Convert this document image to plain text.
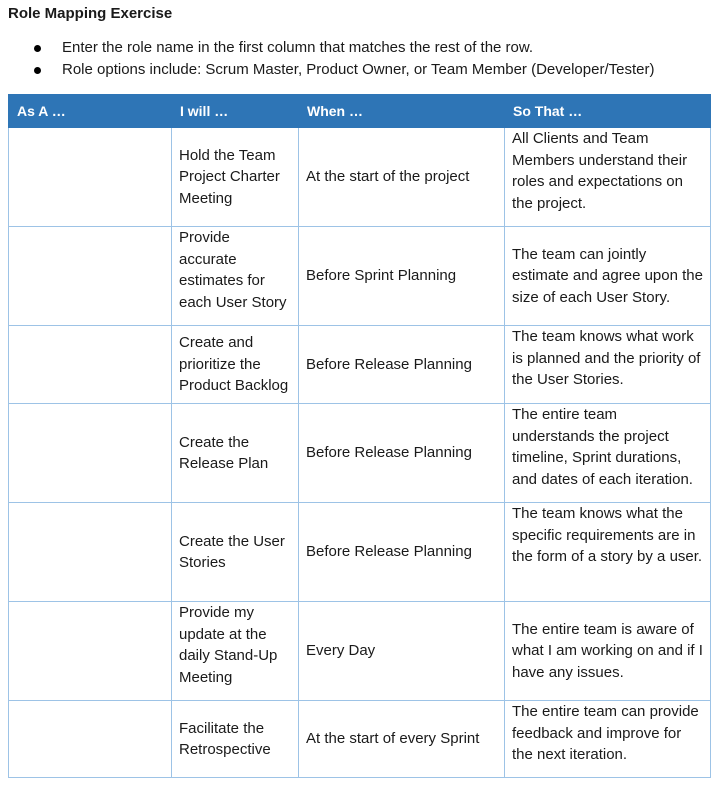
Role Mapping Exercise
Enter the role name in the first column that matches the rest of the row.
Role options include: Scrum Master, Product Owner, or Team Member (Developer/Tester)
As A …	I will …	When …	So That …
	Hold the Team Project Charter Meeting	At the start of the project	All Clients and Team Members understand their roles and expectations on the project.
	Provide accurate estimates for each User Story	Before Sprint Planning	The team can jointly estimate and agree upon the size of each User Story.
	Create and prioritize the Product Backlog	Before Release Planning	The team knows what work is planned and the priority of the User Stories.
	Create the Release Plan	Before Release Planning	The entire team understands the project timeline, Sprint durations, and dates of each iteration.
	Create the User Stories	Before Release Planning	The team knows what the specific requirements are in the form of a story by a user.
	Provide my update at the daily Stand-Up Meeting	Every Day	The entire team is aware of what I am working on and if I have any issues.
	Facilitate the Retrospective	At the start of every Sprint	The entire team can provide feedback and improve for the next iteration.
